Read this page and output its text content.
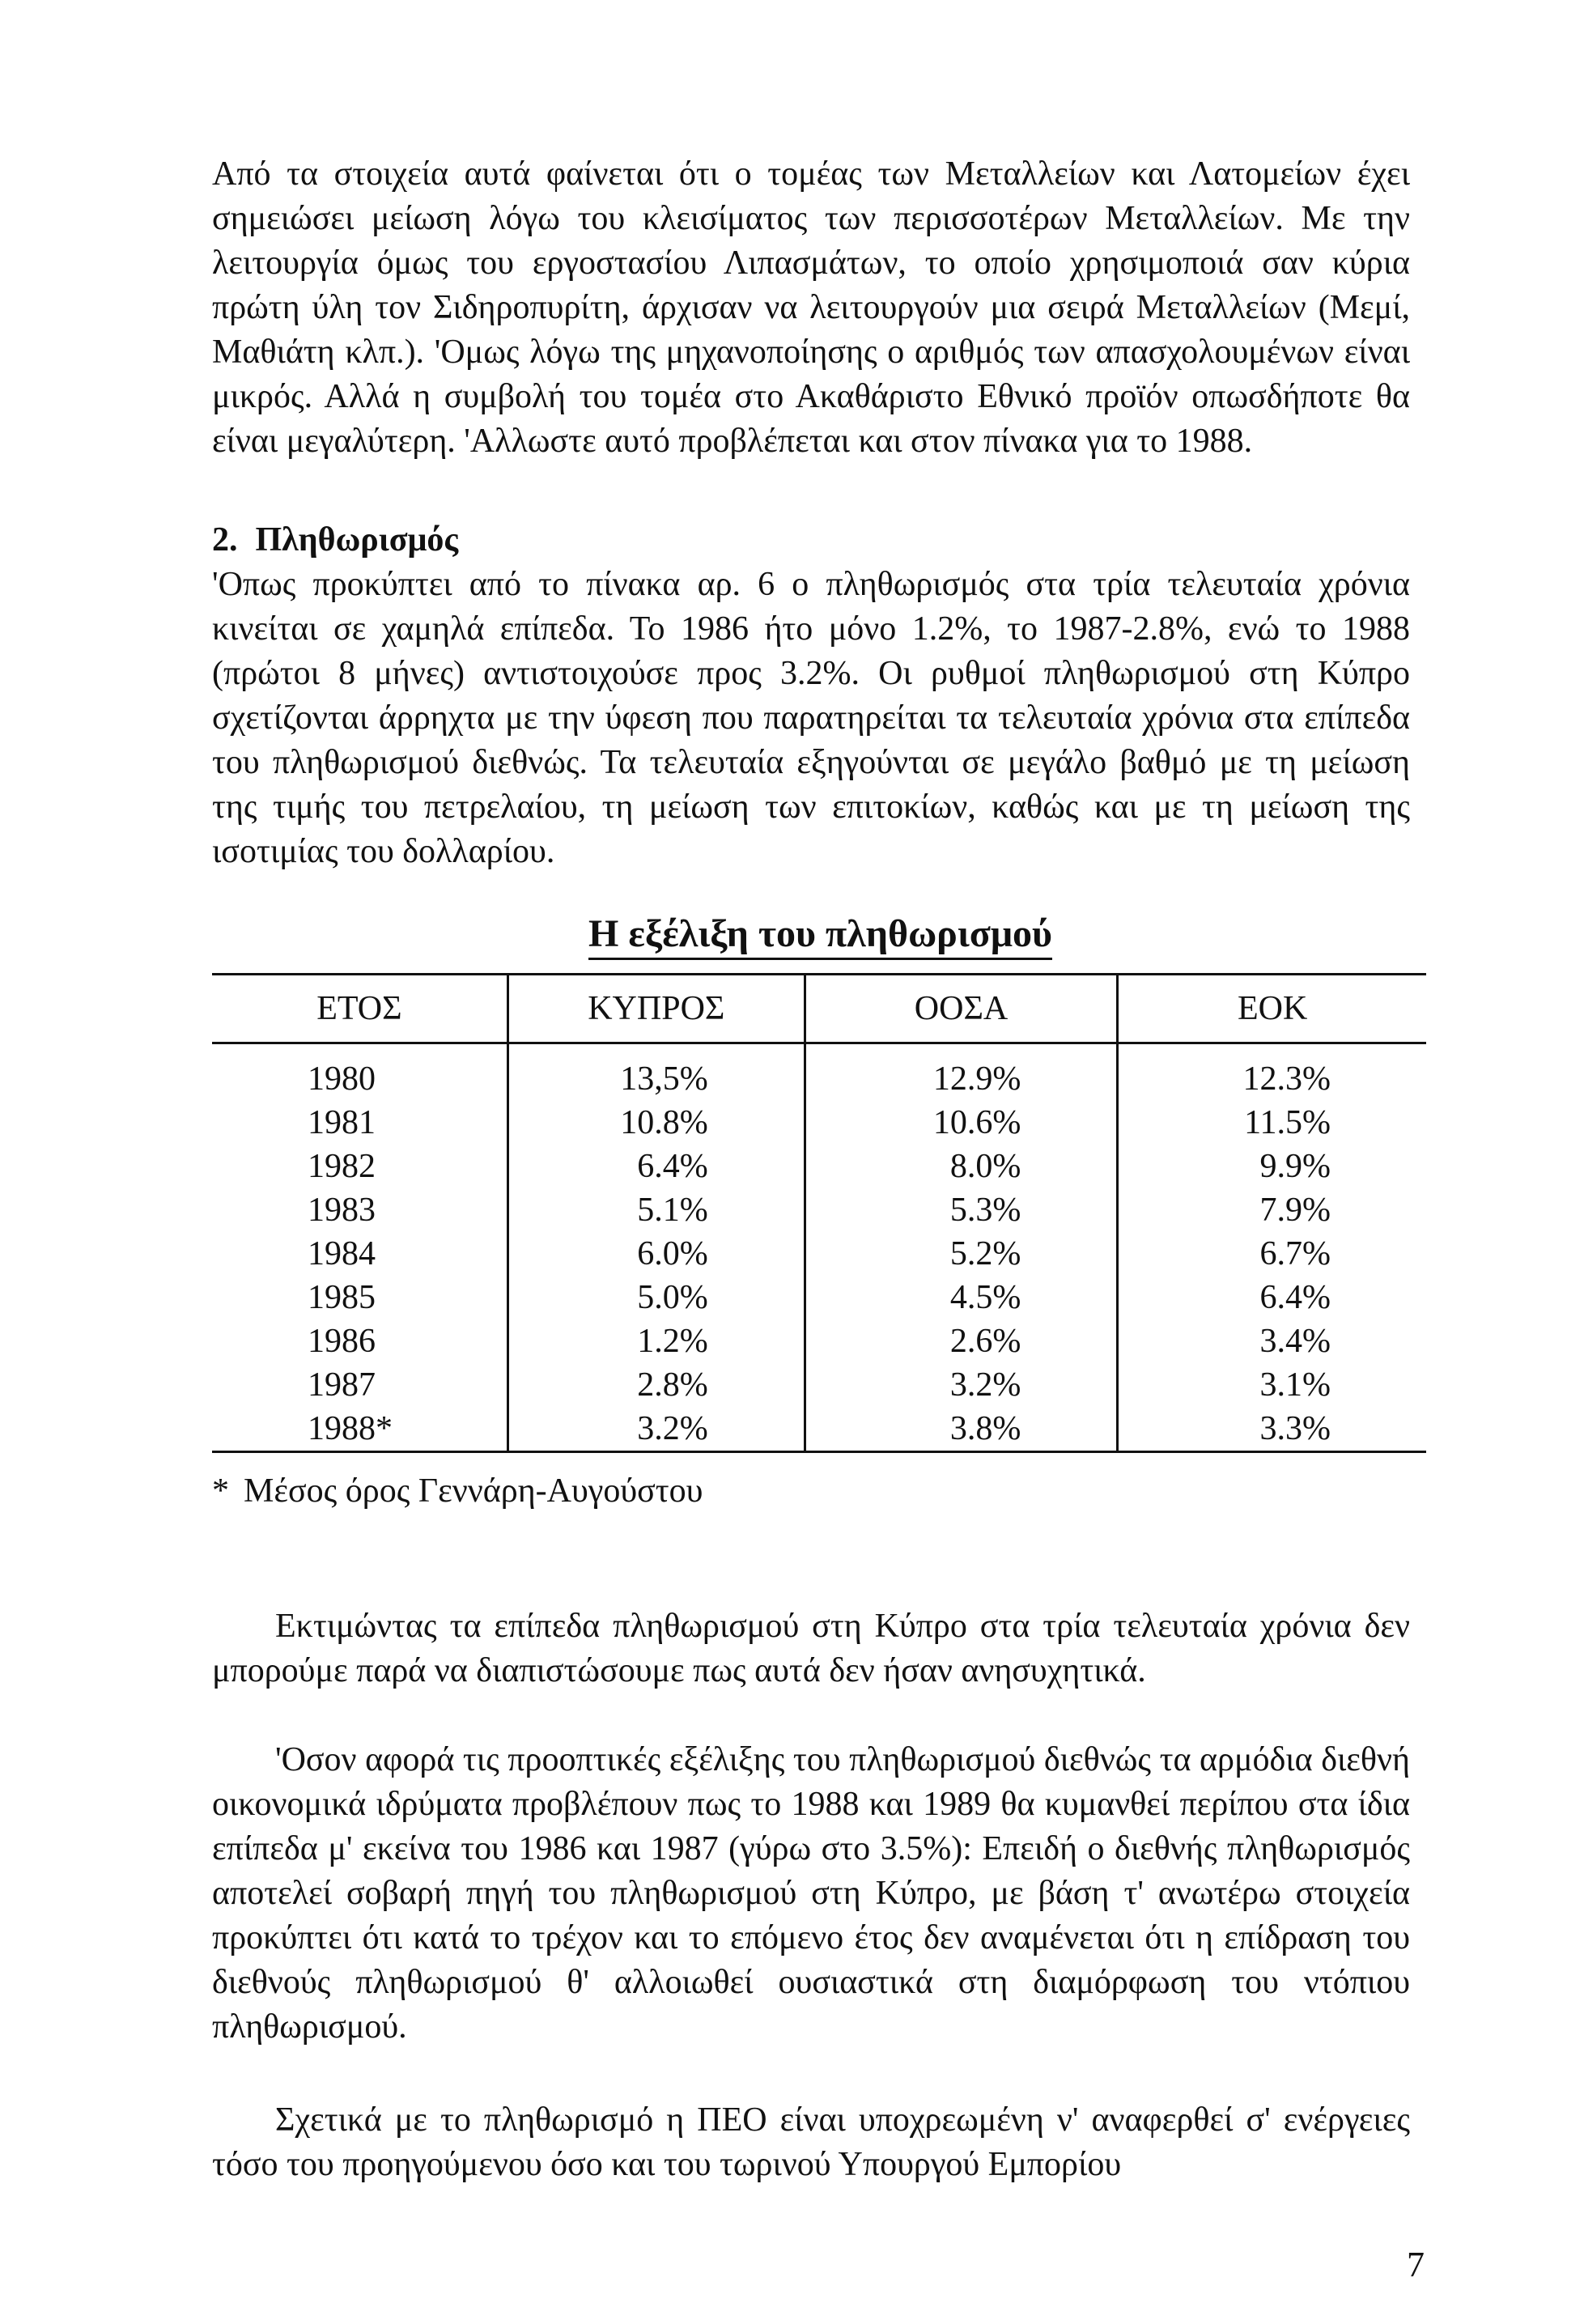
Από τα στοιχεία αυτά φαίνεται ότι ο τομέας των Μεταλλείων και Λατομείων έχει σημειώσει μείωση λόγω του κλεισίματος των περισσοτέρων Μεταλλείων. Με την λειτουργία όμως του εργοστασίου Λιπασμάτων, το οποίο χρησιμοποιά σαν κύρια πρώτη ύλη τον Σιδηροπυρίτη, άρχισαν να λειτουργούν μια σειρά Μεταλλείων (Μεμί, Μαθιάτη κλπ.). 'Ομως λόγω της μηχανοποίησης ο αριθμός των απασχολουμένων είναι μικρός. Αλλά η συμβολή του τομέα στο Ακαθάριστο Εθνικό προϊόν οπωσδήποτε θα είναι μεγαλύτερη. 'Αλλωστε αυτό προβλέπεται και στον πίνακα για το 1988.

2. Πληθωρισμός

'Οπως προκύπτει από το πίνακα αρ. 6 ο πληθωρισμός στα τρία τελευταία χρόνια κινείται σε χαμηλά επίπεδα. Το 1986 ήτο μόνο 1.2%, το 1987-2.8%, ενώ το 1988 (πρώτοι 8 μήνες) αντιστοιχούσε προς 3.2%. Οι ρυθμοί πληθωρισμού στη Κύπρο σχετίζονται άρρηχτα με την ύφεση που παρατηρείται τα τελευταία χρόνια στα επίπεδα του πληθωρισμού διεθνώς. Τα τελευταία εξηγούνται σε μεγάλο βαθμό με τη μείωση της τιμής του πετρελαίου, τη μείωση των επιτοκίων, καθώς και με τη μείωση της ισοτιμίας του δολλαρίου.

Η εξέλιξη του πληθωρισμού

ΕΤΟΣ	ΚΥΠΡΟΣ	ΟΟΣΑ	ΕΟΚ
1980	13,5%	12.9%	12.3%
1981	10.8%	10.6%	11.5%
1982	6.4%	8.0%	9.9%
1983	5.1%	5.3%	7.9%
1984	6.0%	5.2%	6.7%
1985	5.0%	4.5%	6.4%
1986	1.2%	2.6%	3.4%
1987	2.8%	3.2%	3.1%
1988*	3.2%	3.8%	3.3%

* Μέσος όρος Γεννάρη-Αυγούστου

Εκτιμώντας τα επίπεδα πληθωρισμού στη Κύπρο στα τρία τελευταία χρόνια δεν μπορούμε παρά να διαπιστώσουμε πως αυτά δεν ήσαν ανησυχητικά.

'Οσον αφορά τις προοπτικές εξέλιξης του πληθωρισμού διεθνώς τα αρμόδια διεθνή οικονομικά ιδρύματα προβλέπουν πως το 1988 και 1989 θα κυμανθεί περίπου στα ίδια επίπεδα μ' εκείνα του 1986 και 1987 (γύρω στο 3.5%): Επειδή ο διεθνής πληθωρισμός αποτελεί σοβαρή πηγή του πληθωρισμού στη Κύπρο, με βάση τ' ανωτέρω στοιχεία προκύπτει ότι κατά το τρέχον και το επόμενο έτος δεν αναμένεται ότι η επίδραση του διεθνούς πληθωρισμού θ' αλλοιωθεί ουσιαστικά στη διαμόρφωση του ντόπιου πληθωρισμού.

Σχετικά με το πληθωρισμό η ΠΕΟ είναι υποχρεωμένη ν' αναφερθεί σ' ενέργειες τόσο του προηγούμενου όσο και του τωρινού Υπουργού Εμπορίου

7
